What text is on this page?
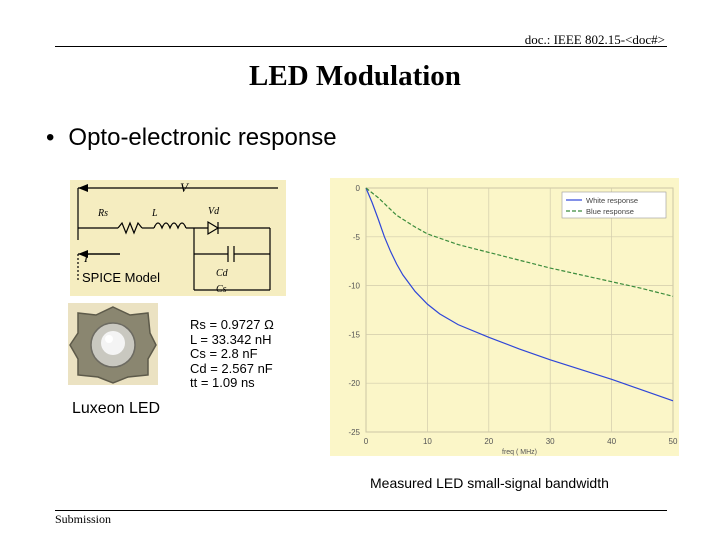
doc.: IEEE 802.15-<doc#>
LED Modulation
• Opto-electronic response
V
Rs	L	Vd
I
Cd
Cs
SPICE Model
Luxeon LED
Rs = 0.9727 Ω
L = 33.342 nH
Cs = 2.8 nF
Cd = 2.567 nF
tt = 1.09 ns
0	10	20	30	40	50
0
-5
-10
-15
-20
-25
freq ( MHz)
White response
Blue response
Measured LED small-signal bandwidth
Submission
